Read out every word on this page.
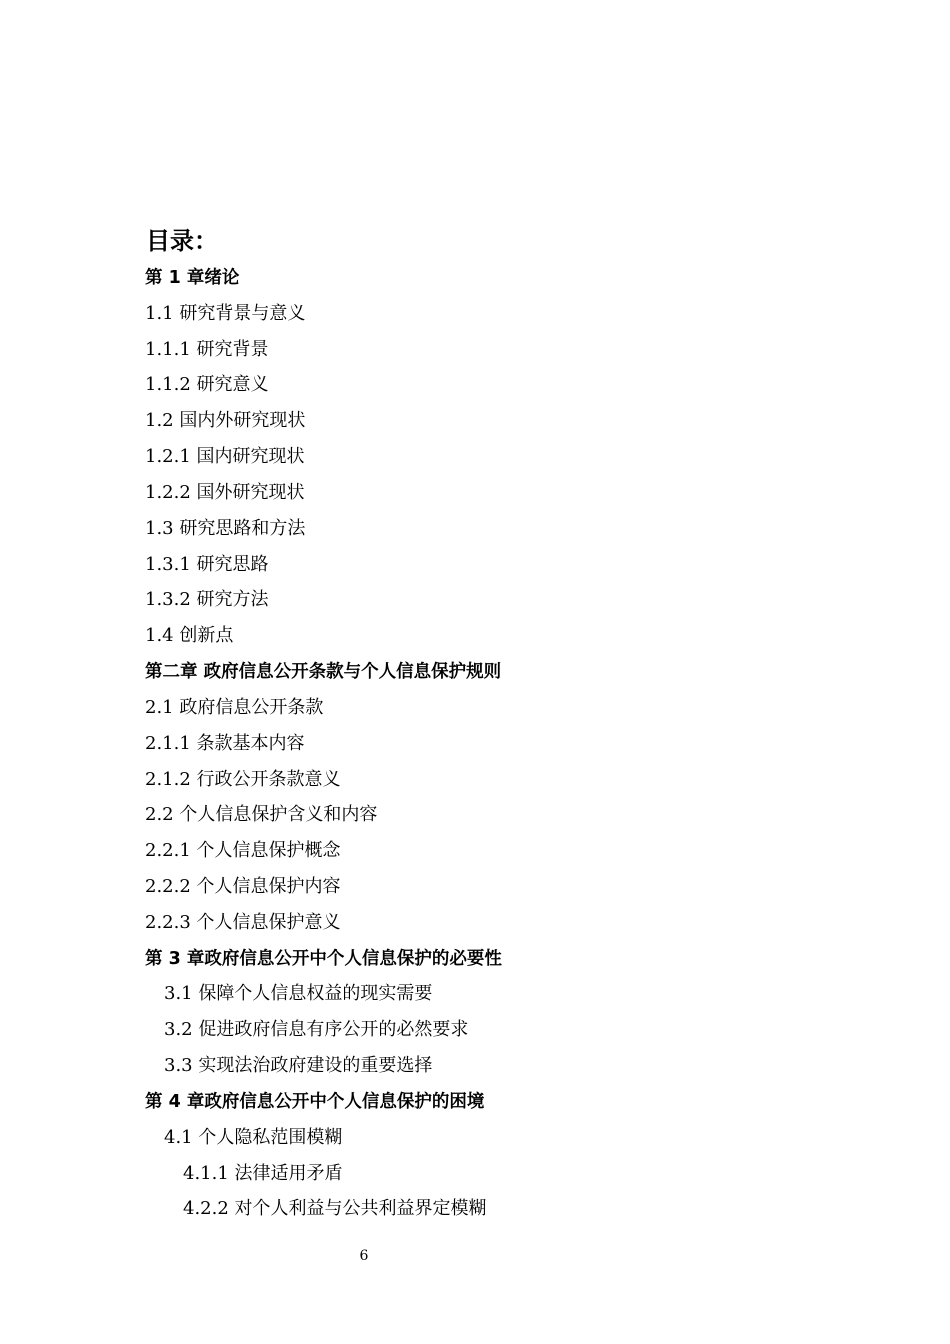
目录：
第 1 章绪论
1.1 研究背景与意义
1.1.1 研究背景
1.1.2 研究意义
1.2 国内外研究现状
1.2.1 国内研究现状
1.2.2 国外研究现状
1.3 研究思路和方法
1.3.1 研究思路
1.3.2 研究方法
1.4 创新点
第二章 政府信息公开条款与个人信息保护规则
2.1 政府信息公开条款
2.1.1 条款基本内容
2.1.2 行政公开条款意义
2.2 个人信息保护含义和内容
2.2.1 个人信息保护概念
2.2.2 个人信息保护内容
2.2.3 个人信息保护意义
第 3 章政府信息公开中个人信息保护的必要性
3.1 保障个人信息权益的现实需要
3.2 促进政府信息有序公开的必然要求
3.3 实现法治政府建设的重要选择
第 4 章政府信息公开中个人信息保护的困境
4.1 个人隐私范围模糊
4.1.1 法律适用矛盾
4.2.2 对个人利益与公共利益界定模糊
6
